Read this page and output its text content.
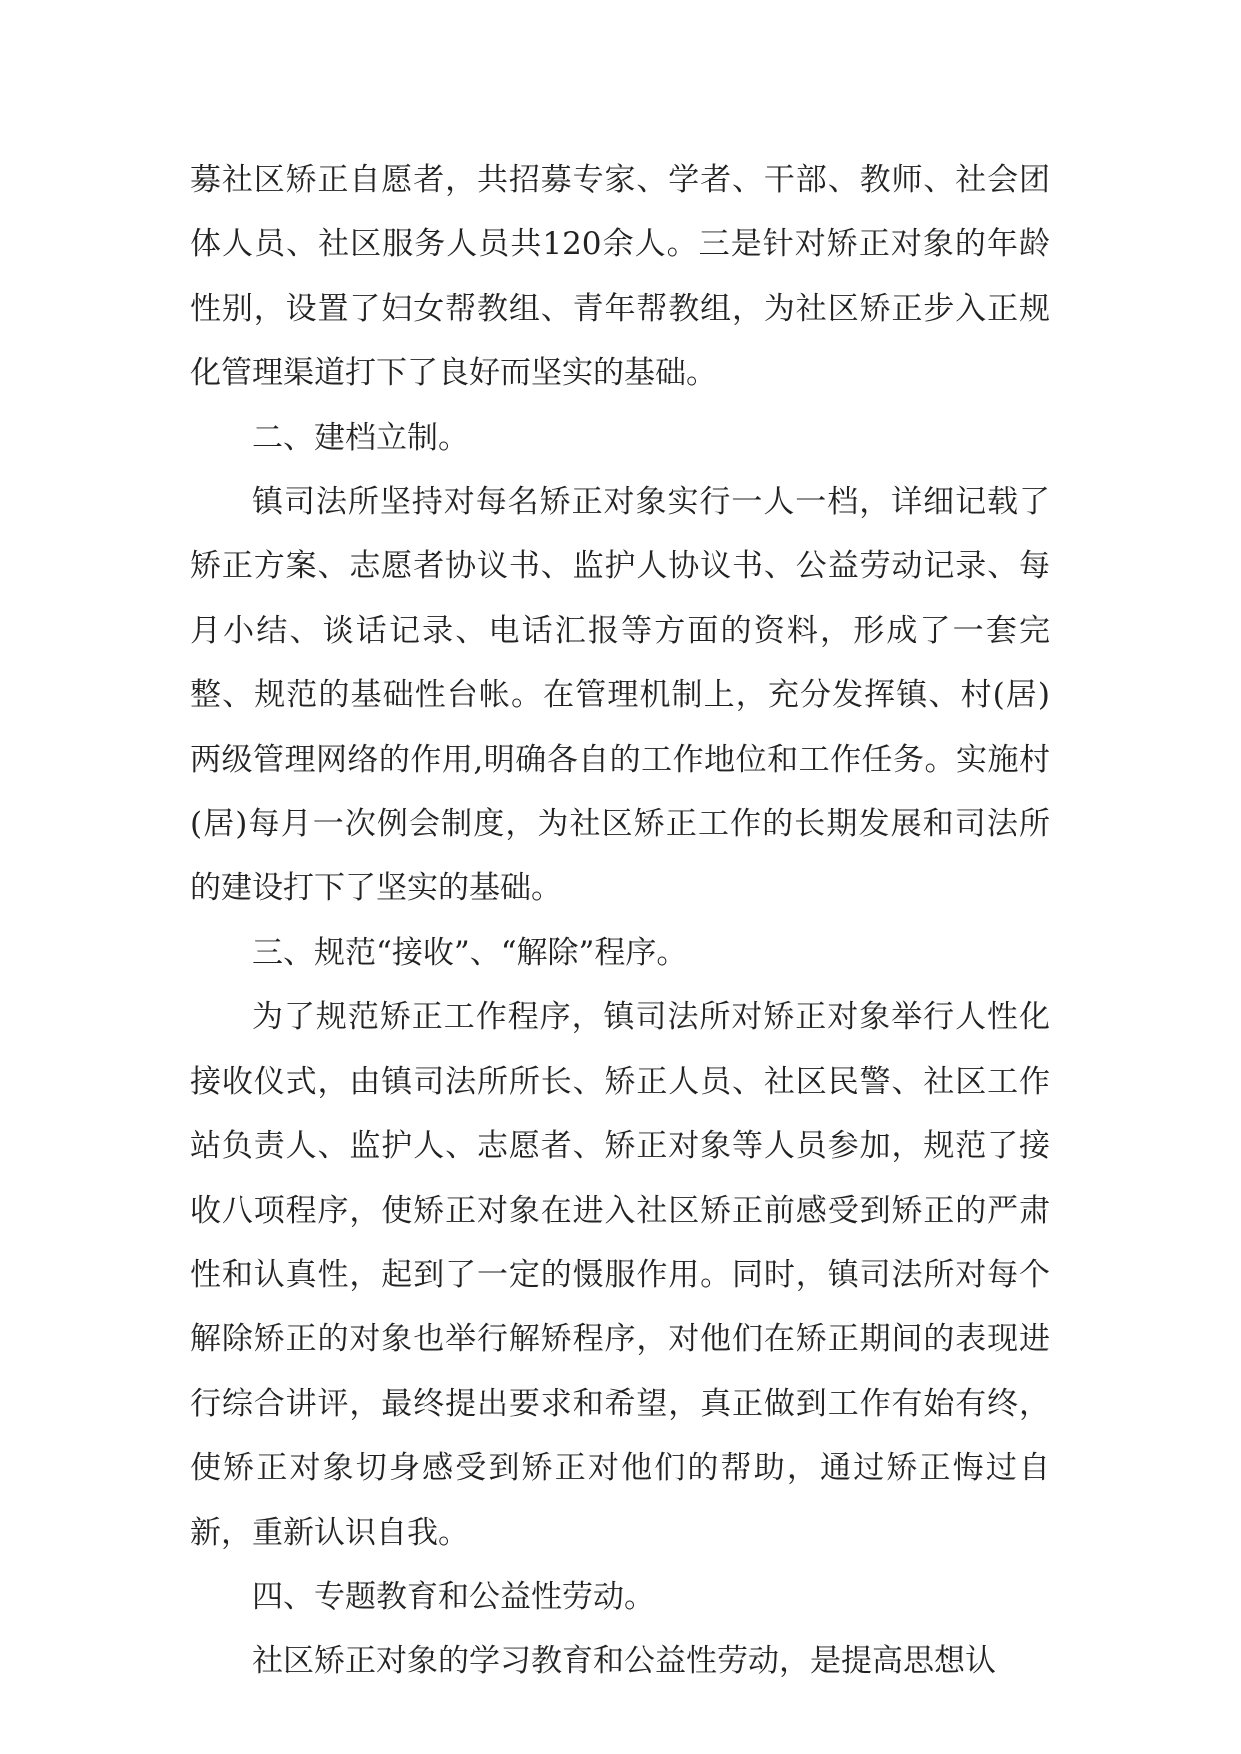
募社区矫正自愿者，共招募专家、学者、干部、教师、社会团体人员、社区服务人员共120余人。三是针对矫正对象的年龄性别，设置了妇女帮教组、青年帮教组，为社区矫正步入正规化管理渠道打下了良好而坚实的基础。

二、建档立制。

镇司法所坚持对每名矫正对象实行一人一档，详细记载了矫正方案、志愿者协议书、监护人协议书、公益劳动记录、每月小结、谈话记录、电话汇报等方面的资料，形成了一套完整、规范的基础性台帐。在管理机制上，充分发挥镇、村(居)两级管理网络的作用,明确各自的工作地位和工作任务。实施村(居)每月一次例会制度，为社区矫正工作的长期发展和司法所的建设打下了坚实的基础。

三、规范“接收”、“解除”程序。

为了规范矫正工作程序，镇司法所对矫正对象举行人性化接收仪式，由镇司法所所长、矫正人员、社区民警、社区工作站负责人、监护人、志愿者、矫正对象等人员参加，规范了接收八项程序，使矫正对象在进入社区矫正前感受到矫正的严肃性和认真性，起到了一定的慑服作用。同时，镇司法所对每个解除矫正的对象也举行解矫程序，对他们在矫正期间的表现进行综合讲评，最终提出要求和希望，真正做到工作有始有终，使矫正对象切身感受到矫正对他们的帮助，通过矫正悔过自新，重新认识自我。

四、专题教育和公益性劳动。

社区矫正对象的学习教育和公益性劳动，是提高思想认
